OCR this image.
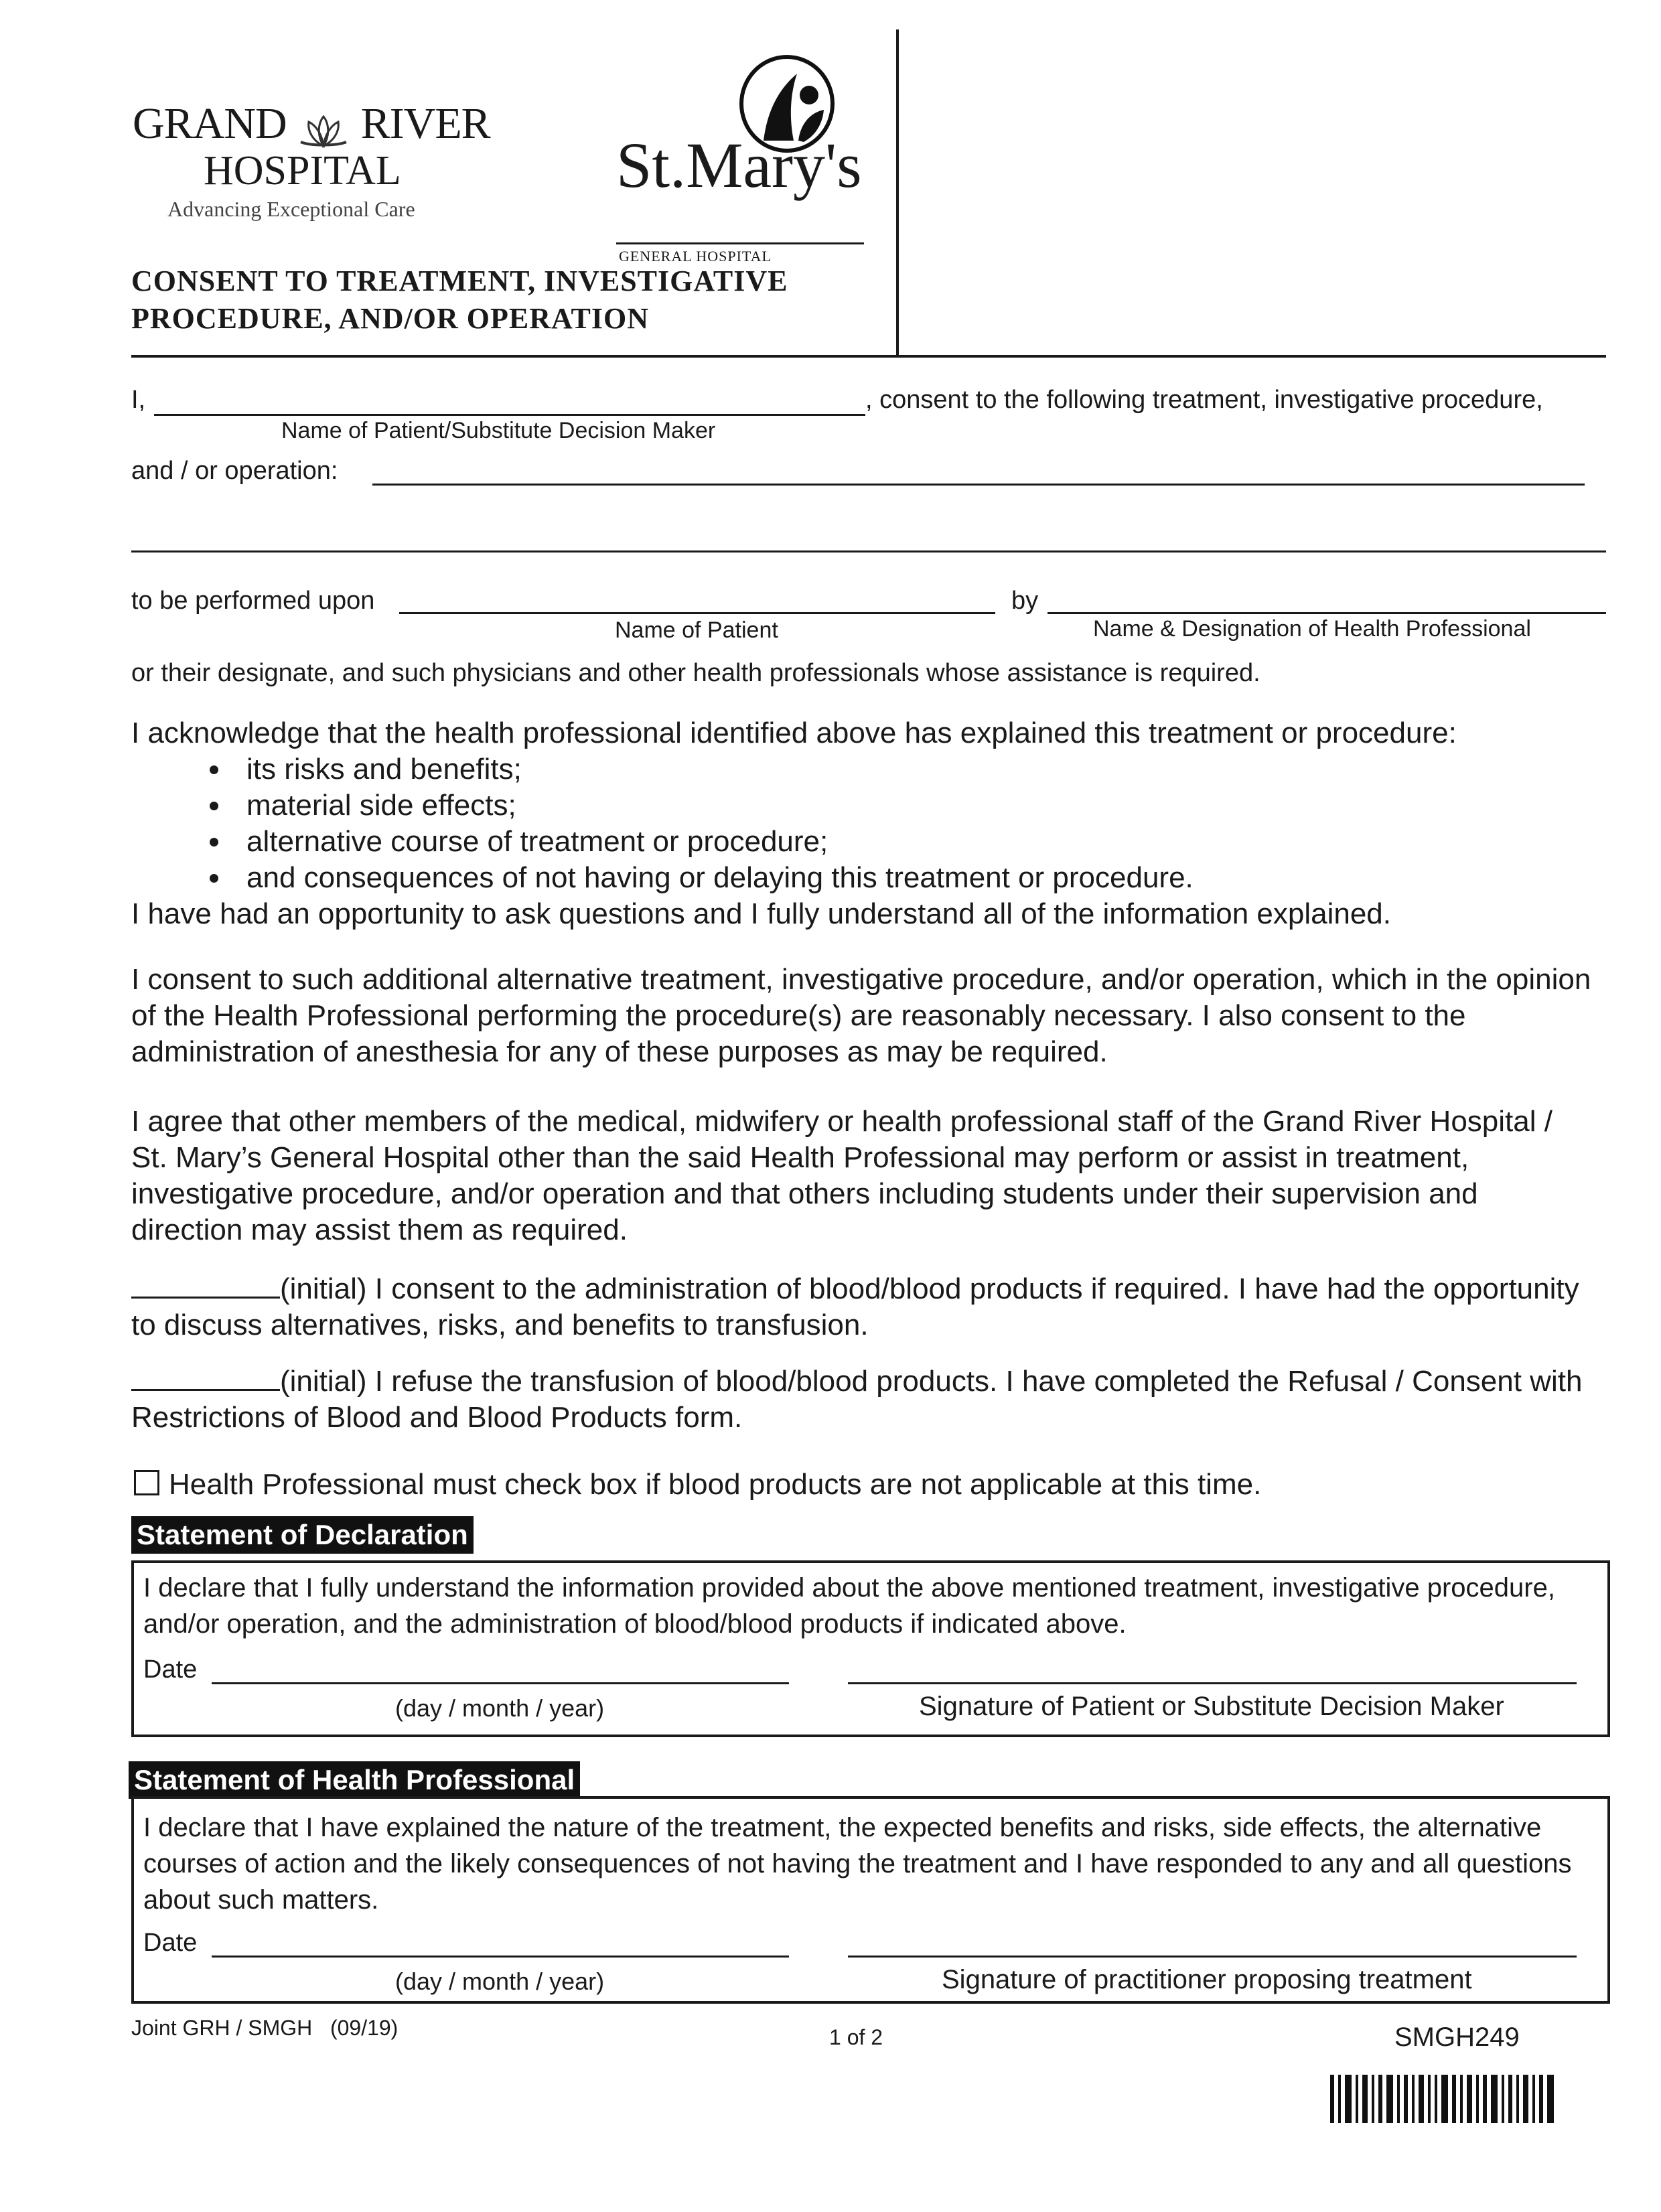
GRAND RIVER
HOSPITAL
Advancing Exceptional Care
St.Mary's
GENERAL HOSPITAL
CONSENT TO TREATMENT, INVESTIGATIVE
PROCEDURE, AND/OR OPERATION
I,	, consent to the following treatment, investigative procedure,
Name of Patient/Substitute Decision Maker
and / or operation:
to be performed upon	by
Name of Patient	Name & Designation of Health Professional
or their designate, and such physicians and other health professionals whose assistance is required.
I acknowledge that the health professional identified above has explained this treatment or procedure:
• its risks and benefits;
• material side effects;
• alternative course of treatment or procedure;
• and consequences of not having or delaying this treatment or procedure.
I have had an opportunity to ask questions and I fully understand all of the information explained.
I consent to such additional alternative treatment, investigative procedure, and/or operation, which in the opinion of the Health Professional performing the procedure(s) are reasonably necessary. I also consent to the administration of anesthesia for any of these purposes as may be required.
I agree that other members of the medical, midwifery or health professional staff of the Grand River Hospital / St. Mary’s General Hospital other than the said Health Professional may perform or assist in treatment, investigative procedure, and/or operation and that others including students under their supervision and direction may assist them as required.
(initial) I consent to the administration of blood/blood products if required. I have had the opportunity to discuss alternatives, risks, and benefits to transfusion.
(initial) I refuse the transfusion of blood/blood products. I have completed the Refusal / Consent with Restrictions of Blood and Blood Products form.
Health Professional must check box if blood products are not applicable at this time.
Statement of Declaration
I declare that I fully understand the information provided about the above mentioned treatment, investigative procedure, and/or operation, and the administration of blood/blood products if indicated above.
Date
(day / month / year)	Signature of Patient or Substitute Decision Maker
Statement of Health Professional
I declare that I have explained the nature of the treatment, the expected benefits and risks, side effects, the alternative courses of action and the likely consequences of not having the treatment and I have responded to any and all questions about such matters.
Date
(day / month / year)	Signature of practitioner proposing treatment
Joint GRH / SMGH   (09/19)	1 of 2	SMGH249
